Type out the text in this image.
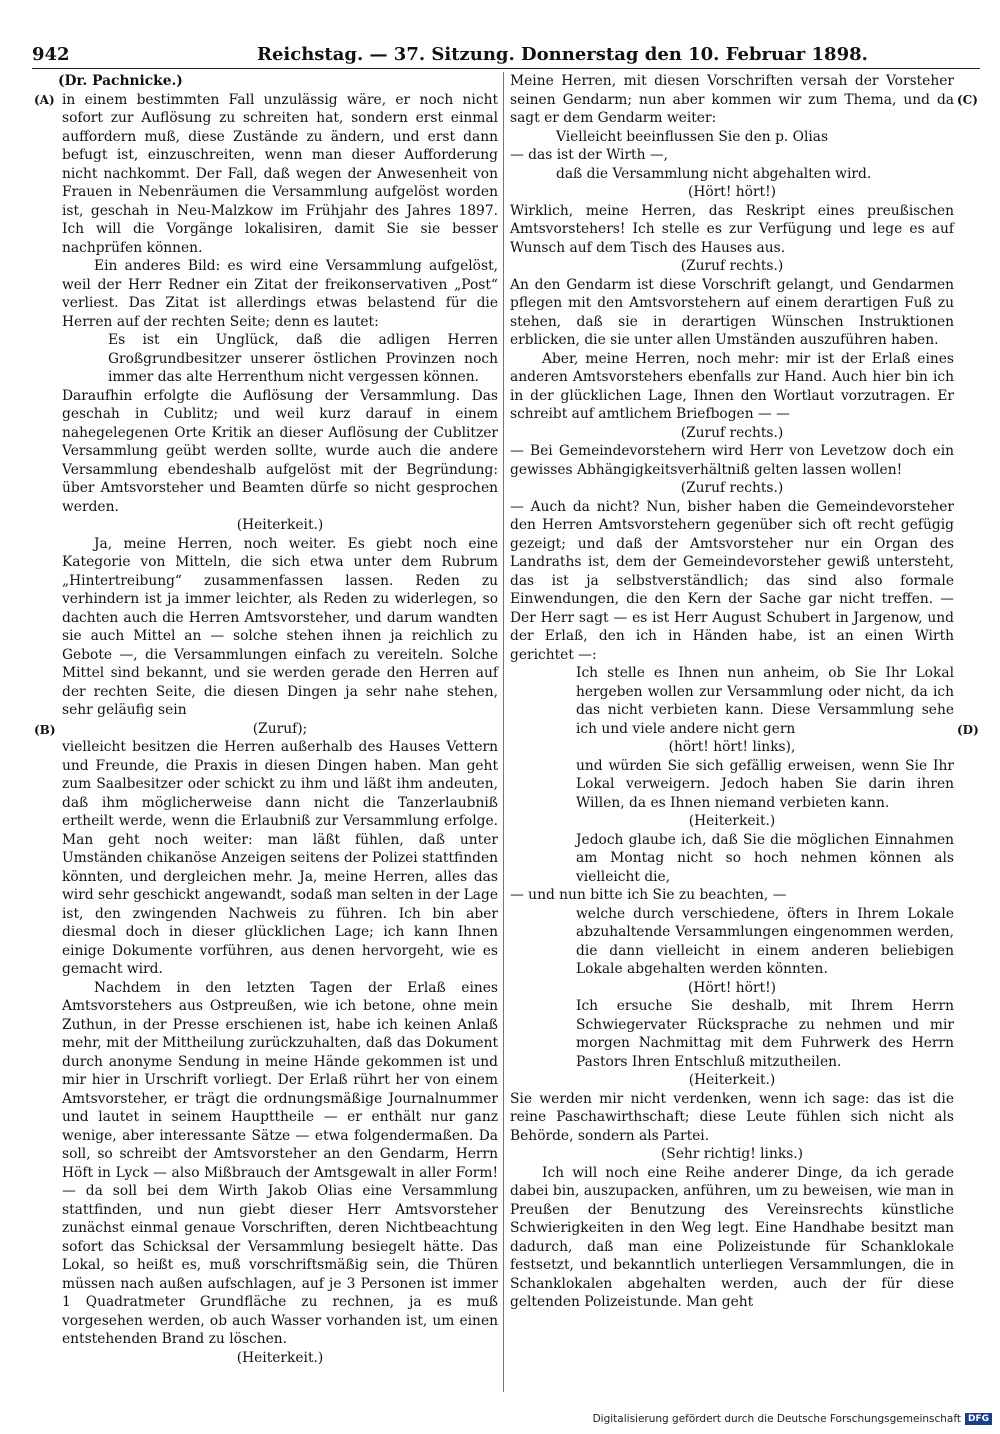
942	Reichstag. — 37. Sitzung. Donnerstag den 10. Februar 1898.
(A)
(B)
(C)
(D)

(Dr. Pachnicke.)

in einem bestimmten Fall unzulässig wäre, er noch nicht sofort zur Auflösung zu schreiten hat, sondern erst einmal auffordern muß, diese Zustände zu ändern, und erst dann befugt ist, einzuschreiten, wenn man dieser Aufforderung nicht nachkommt. Der Fall, daß wegen der Anwesenheit von Frauen in Nebenräumen die Versammlung aufgelöst worden ist, geschah in Neu-Malzkow im Frühjahr des Jahres 1897. Ich will die Vorgänge lokalisiren, damit Sie sie besser nachprüfen können.

Ein anderes Bild: es wird eine Versammlung aufgelöst, weil der Herr Redner ein Zitat der freikonservativen „Post“ verliest. Das Zitat ist allerdings etwas belastend für die Herren auf der rechten Seite; denn es lautet:

Es ist ein Unglück, daß die adligen Herren Großgrundbesitzer unserer östlichen Provinzen noch immer das alte Herrenthum nicht vergessen können.

Daraufhin erfolgte die Auflösung der Versammlung. Das geschah in Cublitz; und weil kurz darauf in einem nahegelegenen Orte Kritik an dieser Auflösung der Cublitzer Versammlung geübt werden sollte, wurde auch die andere Versammlung ebendeshalb aufgelöst mit der Begründung: über Amtsvorsteher und Beamten dürfe so nicht gesprochen werden.

(Heiterkeit.)

Ja, meine Herren, noch weiter. Es giebt noch eine Kategorie von Mitteln, die sich etwa unter dem Rubrum „Hintertreibung“ zusammenfassen lassen. Reden zu verhindern ist ja immer leichter, als Reden zu widerlegen, so dachten auch die Herren Amtsvorsteher, und darum wandten sie auch Mittel an — solche stehen ihnen ja reichlich zu Gebote —, die Versammlungen einfach zu vereiteln. Solche Mittel sind bekannt, und sie werden gerade den Herren auf der rechten Seite, die diesen Dingen ja sehr nahe stehen, sehr geläufig sein

(Zuruf);

vielleicht besitzen die Herren außerhalb des Hauses Vettern und Freunde, die Praxis in diesen Dingen haben. Man geht zum Saalbesitzer oder schickt zu ihm und läßt ihm andeuten, daß ihm möglicherweise dann nicht die Tanzerlaubniß ertheilt werde, wenn die Erlaubniß zur Versammlung erfolge. Man geht noch weiter: man läßt fühlen, daß unter Umständen chikanöse Anzeigen seitens der Polizei stattfinden könnten, und dergleichen mehr. Ja, meine Herren, alles das wird sehr geschickt angewandt, sodaß man selten in der Lage ist, den zwingenden Nachweis zu führen. Ich bin aber diesmal doch in dieser glücklichen Lage; ich kann Ihnen einige Dokumente vorführen, aus denen hervorgeht, wie es gemacht wird.

Nachdem in den letzten Tagen der Erlaß eines Amtsvorstehers aus Ostpreußen, wie ich betone, ohne mein Zuthun, in der Presse erschienen ist, habe ich keinen Anlaß mehr, mit der Mittheilung zurückzuhalten, daß das Dokument durch anonyme Sendung in meine Hände gekommen ist und mir hier in Urschrift vorliegt. Der Erlaß rührt her von einem Amtsvorsteher, er trägt die ordnungsmäßige Journalnummer und lautet in seinem Haupttheile — er enthält nur ganz wenige, aber interessante Sätze — etwa folgendermaßen. Da soll, so schreibt der Amtsvorsteher an den Gendarm, Herrn Höft in Lyck — also Mißbrauch der Amtsgewalt in aller Form! — da soll bei dem Wirth Jakob Olias eine Versammlung stattfinden, und nun giebt dieser Herr Amtsvorsteher zunächst einmal genaue Vorschriften, deren Nichtbeachtung sofort das Schicksal der Versammlung besiegelt hätte. Das Lokal, so heißt es, muß vorschriftsmäßig sein, die Thüren müssen nach außen aufschlagen, auf je 3 Personen ist immer 1 Quadratmeter Grundfläche zu rechnen, ja es muß vorgesehen werden, ob auch Wasser vorhanden ist, um einen entstehenden Brand zu löschen.

(Heiterkeit.)

Meine Herren, mit diesen Vorschriften versah der Vorsteher seinen Gendarm; nun aber kommen wir zum Thema, und da sagt er dem Gendarm weiter:

Vielleicht beeinflussen Sie den p. Olias

— das ist der Wirth —,

daß die Versammlung nicht abgehalten wird.

(Hört! hört!)

Wirklich, meine Herren, das Reskript eines preußischen Amtsvorstehers! Ich stelle es zur Verfügung und lege es auf Wunsch auf dem Tisch des Hauses aus.

(Zuruf rechts.)

An den Gendarm ist diese Vorschrift gelangt, und Gendarmen pflegen mit den Amtsvorstehern auf einem derartigen Fuß zu stehen, daß sie in derartigen Wünschen Instruktionen erblicken, die sie unter allen Umständen auszuführen haben.

Aber, meine Herren, noch mehr: mir ist der Erlaß eines anderen Amtsvorstehers ebenfalls zur Hand. Auch hier bin ich in der glücklichen Lage, Ihnen den Wortlaut vorzutragen. Er schreibt auf amtlichem Briefbogen — —

(Zuruf rechts.)

— Bei Gemeindevorstehern wird Herr von Levetzow doch ein gewisses Abhängigkeitsverhältniß gelten lassen wollen!

(Zuruf rechts.)

— Auch da nicht? Nun, bisher haben die Gemeindevorsteher den Herren Amtsvorstehern gegenüber sich oft recht gefügig gezeigt; und daß der Amtsvorsteher nur ein Organ des Landraths ist, dem der Gemeindevorsteher gewiß untersteht, das ist ja selbstverständlich; das sind also formale Einwendungen, die den Kern der Sache gar nicht treffen. — Der Herr sagt — es ist Herr August Schubert in Jargenow, und der Erlaß, den ich in Händen habe, ist an einen Wirth gerichtet —:

Ich stelle es Ihnen nun anheim, ob Sie Ihr Lokal hergeben wollen zur Versammlung oder nicht, da ich das nicht verbieten kann. Diese Versammlung sehe ich und viele andere nicht gern

(hört! hört! links),

und würden Sie sich gefällig erweisen, wenn Sie Ihr Lokal verweigern. Jedoch haben Sie darin ihren Willen, da es Ihnen niemand verbieten kann.

(Heiterkeit.)

Jedoch glaube ich, daß Sie die möglichen Einnahmen am Montag nicht so hoch nehmen können als vielleicht die,

— und nun bitte ich Sie zu beachten, —

welche durch verschiedene, öfters in Ihrem Lokale abzuhaltende Versammlungen eingenommen werden, die dann vielleicht in einem anderen beliebigen Lokale abgehalten werden könnten.

(Hört! hört!)

Ich ersuche Sie deshalb, mit Ihrem Herrn Schwiegervater Rücksprache zu nehmen und mir morgen Nachmittag mit dem Fuhrwerk des Herrn Pastors Ihren Entschluß mitzutheilen.

(Heiterkeit.)

Sie werden mir nicht verdenken, wenn ich sage: das ist die reine Paschawirthschaft; diese Leute fühlen sich nicht als Behörde, sondern als Partei.

(Sehr richtig! links.)

Ich will noch eine Reihe anderer Dinge, da ich gerade dabei bin, auszupacken, anführen, um zu beweisen, wie man in Preußen der Benutzung des Vereinsrechts künstliche Schwierigkeiten in den Weg legt. Eine Handhabe besitzt man dadurch, daß man eine Polizeistunde für Schanklokale festsetzt, und bekanntlich unterliegen Versammlungen, die in Schanklokalen abgehalten werden, auch der für diese geltenden Polizeistunde. Man geht

Digitalisierung gefördert durch die Deutsche Forschungsgemeinschaft DFG
